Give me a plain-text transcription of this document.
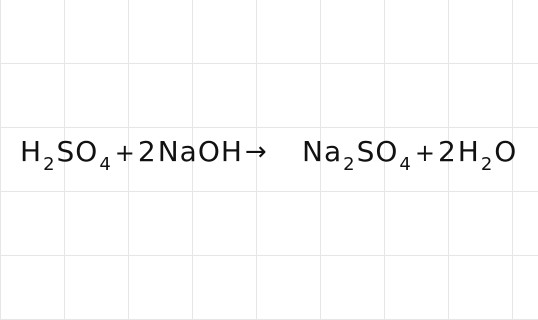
H2SO4 +2NaOH→ Na2SO4 +2H2O
